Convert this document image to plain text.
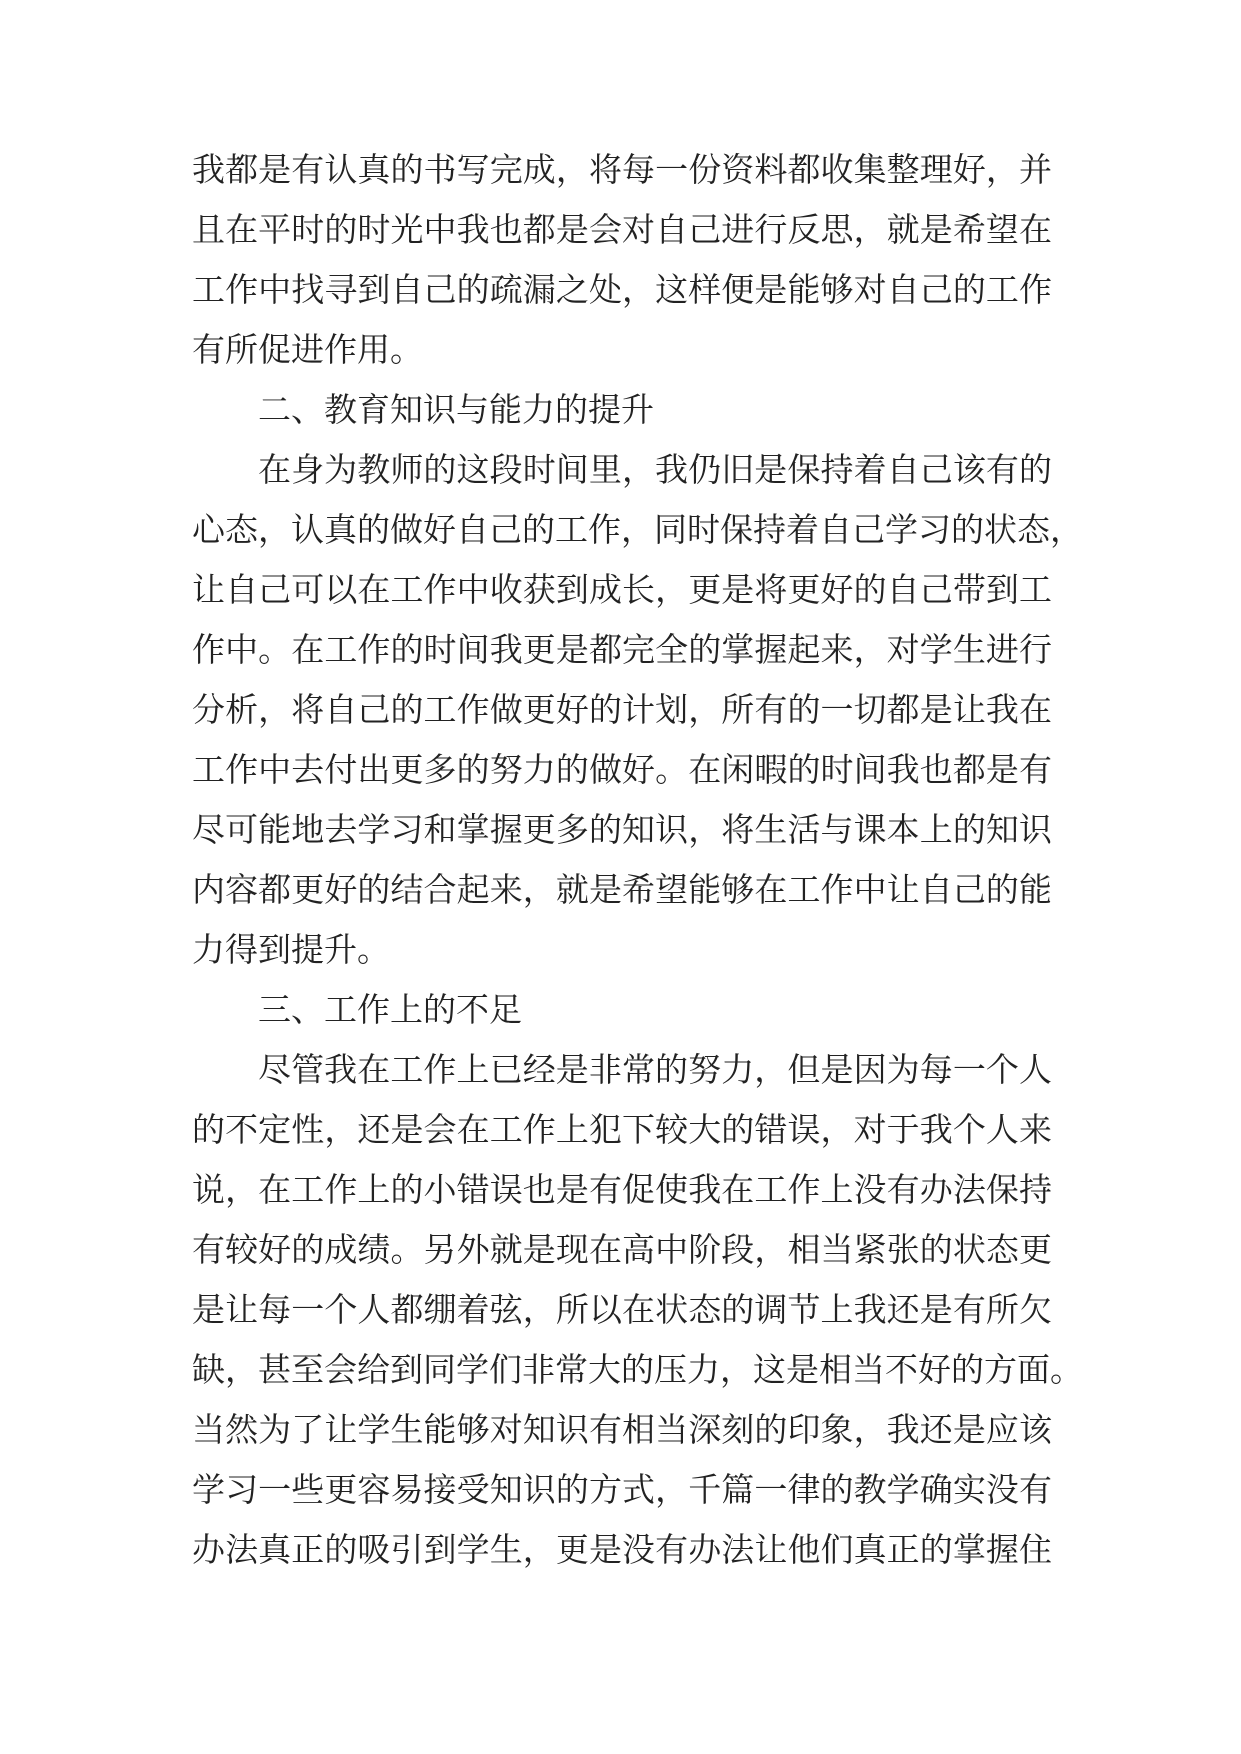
我都是有认真的书写完成，将每一份资料都收集整理好，并
且在平时的时光中我也都是会对自己进行反思，就是希望在
工作中找寻到自己的疏漏之处，这样便是能够对自己的工作
有所促进作用。
二、教育知识与能力的提升
在身为教师的这段时间里，我仍旧是保持着自己该有的
心态，认真的做好自己的工作，同时保持着自己学习的状态，
让自己可以在工作中收获到成长，更是将更好的自己带到工
作中。在工作的时间我更是都完全的掌握起来，对学生进行
分析，将自己的工作做更好的计划，所有的一切都是让我在
工作中去付出更多的努力的做好。在闲暇的时间我也都是有
尽可能地去学习和掌握更多的知识，将生活与课本上的知识
内容都更好的结合起来，就是希望能够在工作中让自己的能
力得到提升。
三、工作上的不足
尽管我在工作上已经是非常的努力，但是因为每一个人
的不定性，还是会在工作上犯下较大的错误，对于我个人来
说，在工作上的小错误也是有促使我在工作上没有办法保持
有较好的成绩。另外就是现在高中阶段，相当紧张的状态更
是让每一个人都绷着弦，所以在状态的调节上我还是有所欠
缺，甚至会给到同学们非常大的压力，这是相当不好的方面。
当然为了让学生能够对知识有相当深刻的印象，我还是应该
学习一些更容易接受知识的方式，千篇一律的教学确实没有
办法真正的吸引到学生，更是没有办法让他们真正的掌握住
